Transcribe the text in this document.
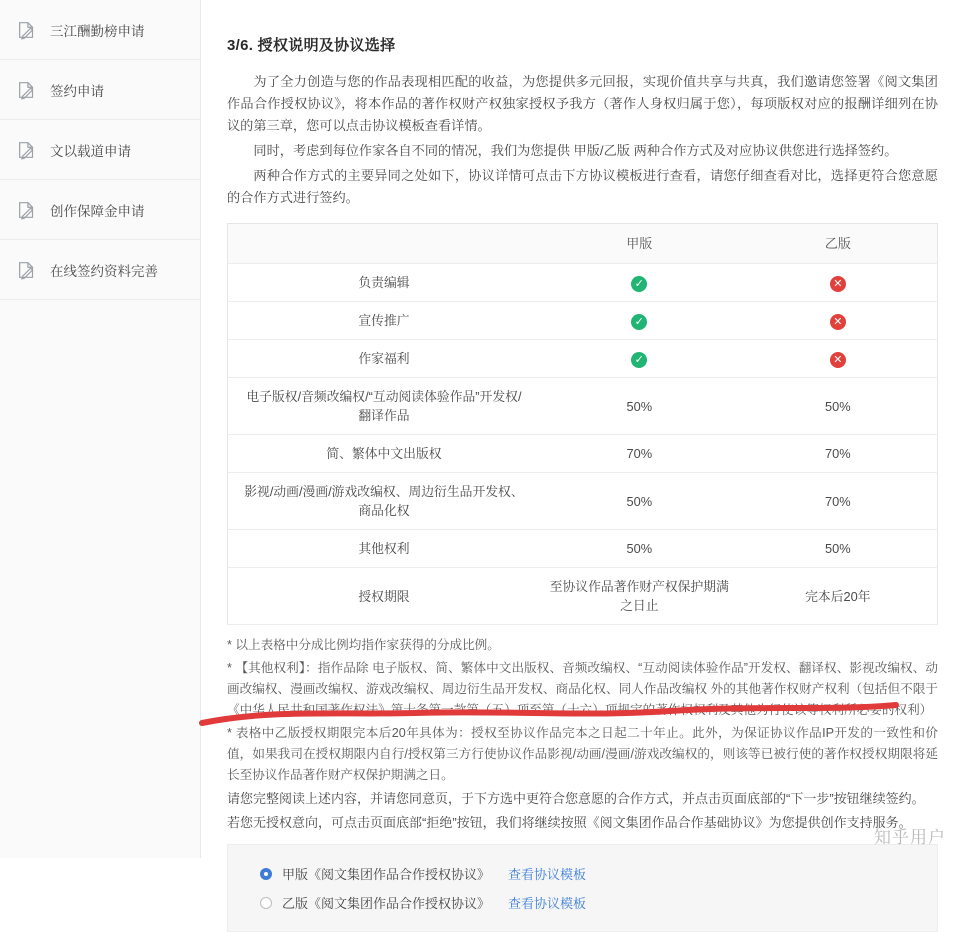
三江酬勤榜申请
签约申请
文以载道申请
创作保障金申请
在线签约资料完善
3/6. 授权说明及协议选择

为了全力创造与您的作品表现相匹配的收益，为您提供多元回报，实现价值共享与共真，我们邀请您签署《阅文集团作品合作授权协议》，将本作品的著作权财产权独家授权予我方（著作人身权归属于您），每项版权对应的报酬详细列在协议的第三章，您可以点击协议模板查看详情。

同时，考虑到每位作家各自不同的情况，我们为您提供 甲版/乙版 两种合作方式及对应协议供您进行选择签约。

两种合作方式的主要异同之处如下，协议详情可点击下方协议模板进行查看，请您仔细查看对比，选择更符合您意愿的合作方式进行签约。

	甲版	乙版
负责编辑	✓	✕
宣传推广	✓	✕
作家福利	✓	✕
电子版权/音频改编权/“互动阅读体验作品”开发权/翻译作品	50%	50%
简、繁体中文出版权	70%	70%
影视/动画/漫画/游戏改编权、周边衍生品开发权、商品化权	50%	70%
其他权利	50%	50%
授权期限	至协议作品著作财产权保护期满之日止	完本后20年

* 以上表格中分成比例均指作家获得的分成比例。

* 【其他权利】：指作品除 电子版权、简、繁体中文出版权、音频改编权、“互动阅读体验作品”开发权、翻译权、影视改编权、动画改编权、漫画改编权、游戏改编权、周边衍生品开发权、商品化权、同人作品改编权 外的其他著作权财产权利（包括但不限于《中华人民共和国著作权法》第十条第一款第（五）项至第（十六）项规定的著作权权利及其他为行使该等权利所必要的权利）

* 表格中乙版授权期限完本后20年具体为：授权至协议作品完本之日起二十年止。此外，为保证协议作品IP开发的一致性和价值，如果我司在授权期限内自行/授权第三方行使协议作品影视/动画/漫画/游戏改编权的，则该等已被行使的著作权授权期限将延长至协议作品著作财产权保护期满之日。

请您完整阅读上述内容，并请您同意页，于下方选中更符合您意愿的合作方式，并点击页面底部的“下一步”按钮继续签约。

若您无授权意向，可点击页面底部“拒绝”按钮，我们将继续按照《阅文集团作品合作基础协议》为您提供创作支持服务。

甲版《阅文集团作品合作授权协议》 查看协议模板
乙版《阅文集团作品合作授权协议》 查看协议模板
知乎用户
